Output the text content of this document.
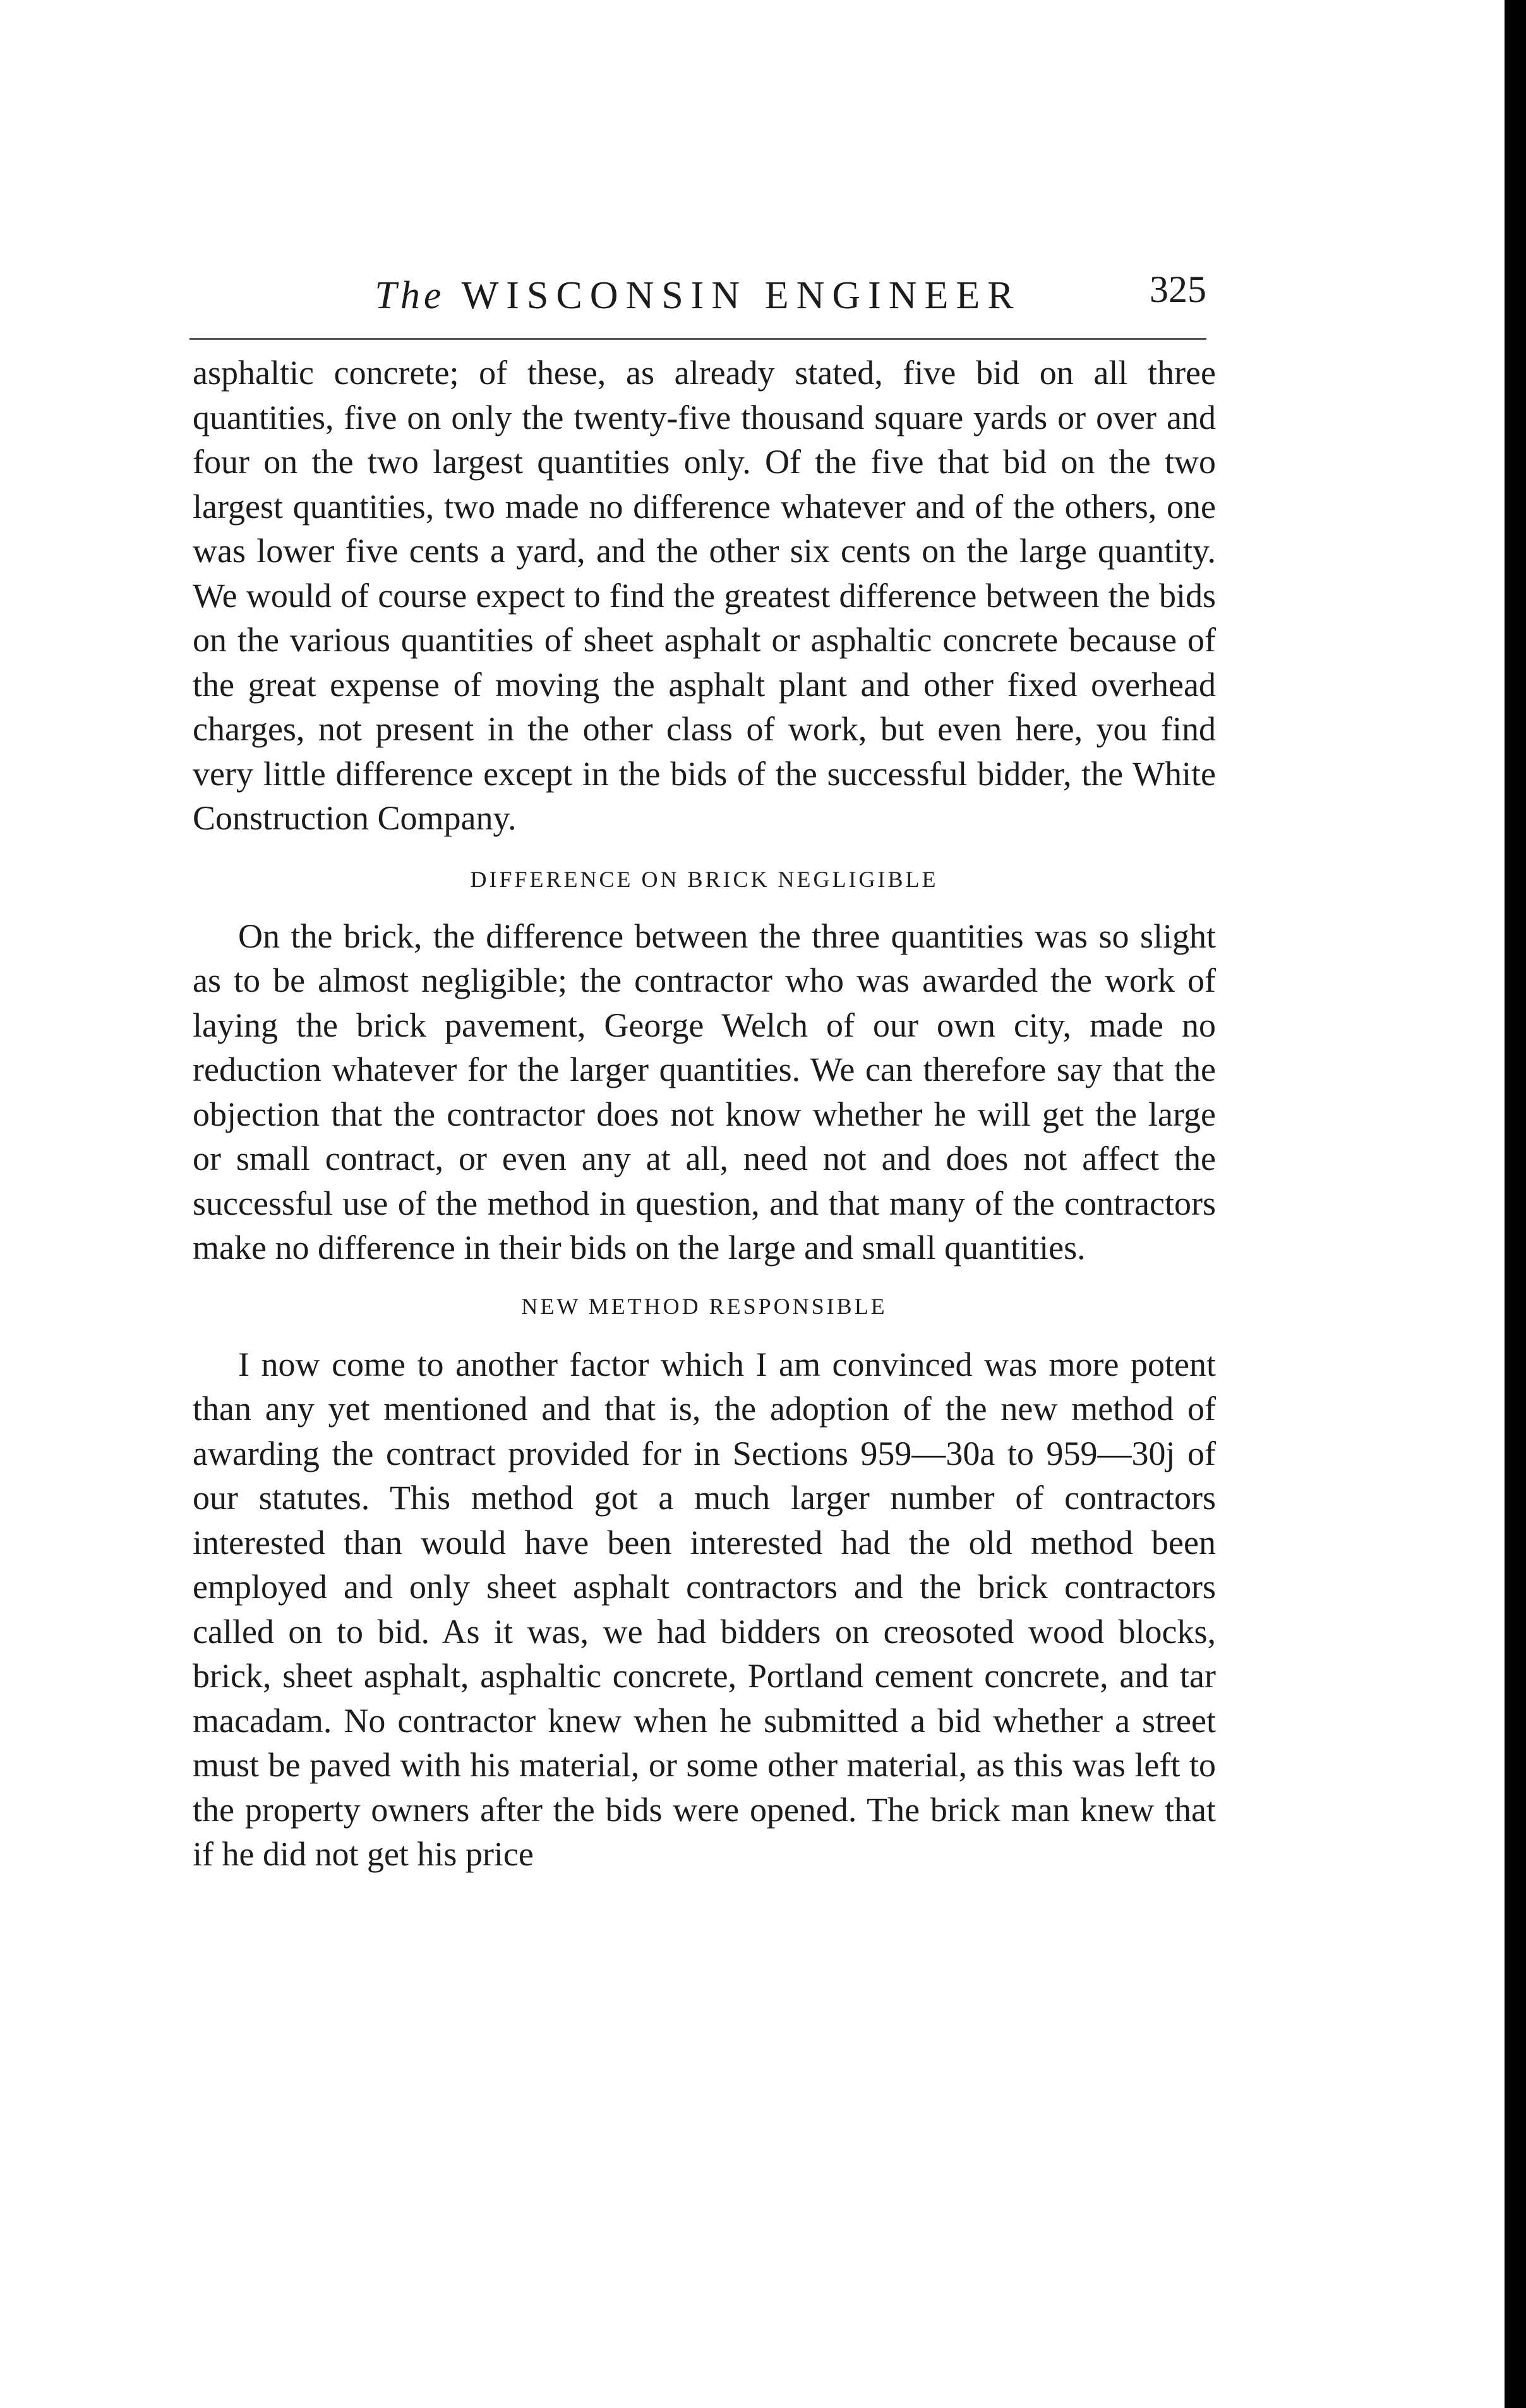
The WISCONSIN ENGINEER	325

asphaltic concrete; of these, as already stated, five bid on all three quantities, five on only the twenty-five thousand square yards or over and four on the two largest quantities only. Of the five that bid on the two largest quantities, two made no difference whatever and of the others, one was lower five cents a yard, and the other six cents on the large quantity. We would of course expect to find the greatest difference between the bids on the various quantities of sheet asphalt or asphaltic concrete because of the great expense of moving the asphalt plant and other fixed overhead charges, not present in the other class of work, but even here, you find very little difference except in the bids of the successful bidder, the White Construction Company.

DIFFERENCE ON BRICK NEGLIGIBLE

On the brick, the difference between the three quantities was so slight as to be almost negligible; the contractor who was awarded the work of laying the brick pavement, George Welch of our own city, made no reduction whatever for the larger quantities. We can therefore say that the objection that the contractor does not know whether he will get the large or small contract, or even any at all, need not and does not affect the successful use of the method in question, and that many of the contractors make no difference in their bids on the large and small quantities.

NEW METHOD RESPONSIBLE

I now come to another factor which I am convinced was more potent than any yet mentioned and that is, the adoption of the new method of awarding the contract provided for in Sections 959—30a to 959—30j of our statutes. This method got a much larger number of contractors interested than would have been interested had the old method been employed and only sheet asphalt contractors and the brick contractors called on to bid. As it was, we had bidders on creosoted wood blocks, brick, sheet asphalt, asphaltic concrete, Portland cement concrete, and tar macadam. No contractor knew when he submitted a bid whether a street must be paved with his material, or some other material, as this was left to the property owners after the bids were opened. The brick man knew that if he did not get his price
